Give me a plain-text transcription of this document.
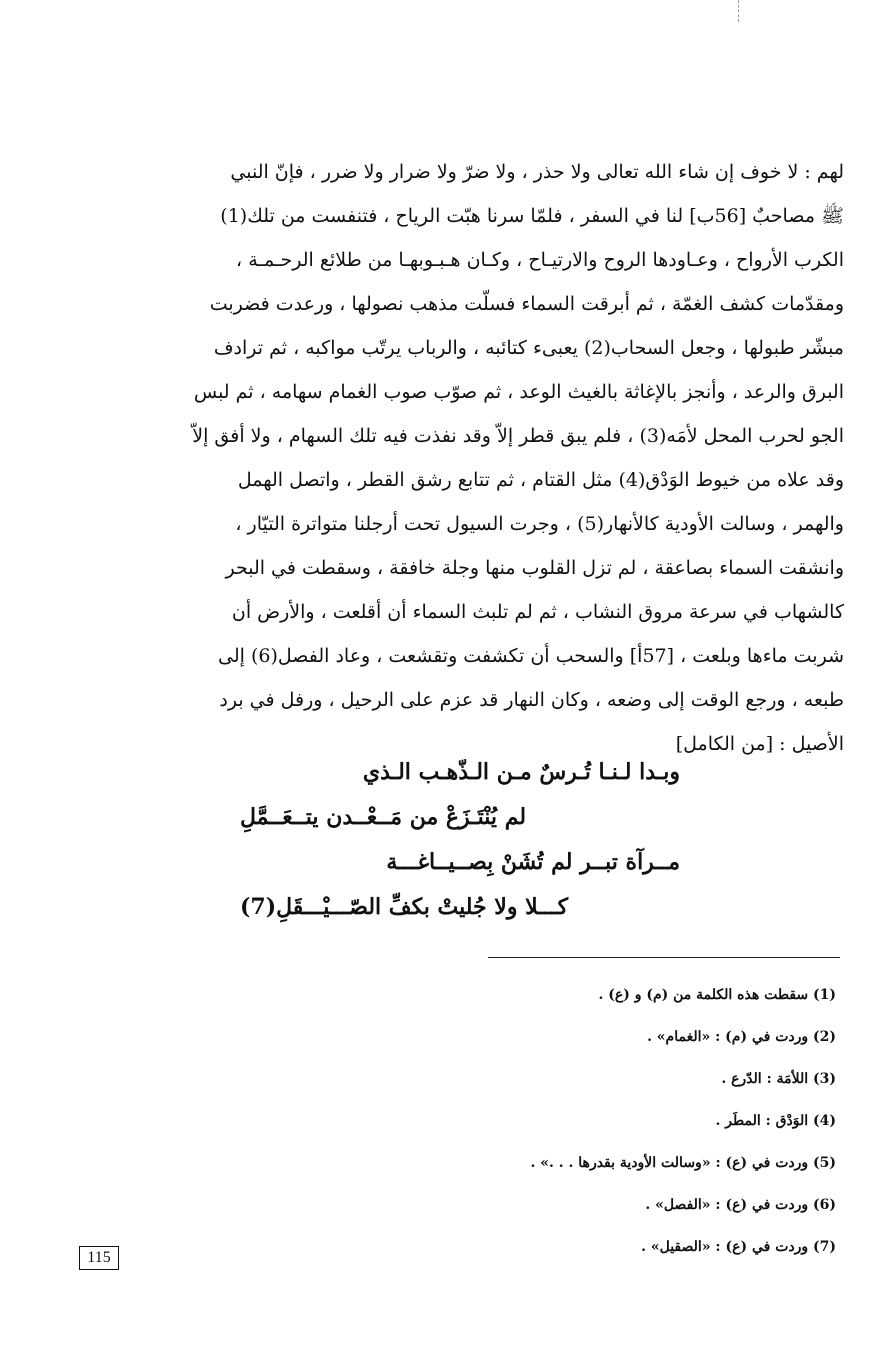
لهم : لا خوف إن شاء الله تعالى ولا حذر ، ولا ضرّ ولا ضرار ولا ضرر ، فإنّ النبي
ﷺ مصاحبٌ [56ب] لنا في السفر ، فلمّا سرنا هبّت الرياح ، فتنفست من تلك(1)
الكرب الأرواح ، وعـاودها الروح والارتيـاح ، وكـان هـبـوبهـا من طلائع الرحـمـة ،
ومقدّمات كشف الغمّة ، ثم أبرقت السماء فسلّت مذهب نصولها ، ورعدت فضربت
مبشّر طبولها ، وجعل السحاب(2) يعبىء كتائبه ، والرباب يرتّب مواكبه ، ثم ترادف
البرق والرعد ، وأنجز بالإغاثة بالغيث الوعد ، ثم صوّب صوب الغمام سهامه ، ثم لبس
الجو لحرب المحل لأمَه(3) ، فلم يبق قطر إلاّ وقد نفذت فيه تلك السهام ، ولا أفق إلاّ
وقد علاه من خيوط الوَدْق(4) مثل القتام ، ثم تتابع رشق القطر ، واتصل الهمل
والهمر ، وسالت الأودية كالأنهار(5) ، وجرت السيول تحت أرجلنا متواترة التيّار ،
وانشقت السماء بصاعقة ، لم تزل القلوب منها وجلة خافقة ، وسقطت في البحر
كالشهاب في سرعة مروق النشاب ، ثم لم تلبث السماء أن أقلعت ، والأرض أن
شربت ماءها وبلعت ، [57أ] والسحب أن تكشفت وتقشعت ، وعاد الفصل(6) إلى
طبعه ، ورجع الوقت إلى وضعه ، وكان النهار قد عزم على الرحيل ، ورفل في برد
الأصيل : [من الكامل]
وبـدا لـنـا تُـرسٌ مـن الـذّهـب الـذي
لم يُنْتَـزَعْ من مَــعْــدن يتــعَــمَّلِ
مــرآة تبــر لم تُشَنْ بِصــيــاغـــة
كـــلا ولا جُليتْ بكفِّ الصّـــيْـــقَلِ(7)
(1) سقطت هذه الكلمة من (م) و (ع) .
(2) وردت في (م) : «الغمام» .
(3) اللأمَة : الدّرع .
(4) الوَدْق : المطَر .
(5) وردت في (ع) : «وسالت الأودية بقدرها . . .» .
(6) وردت في (ع) : «الفصل» .
(7) وردت في (ع) : «الصقيل» .
115
